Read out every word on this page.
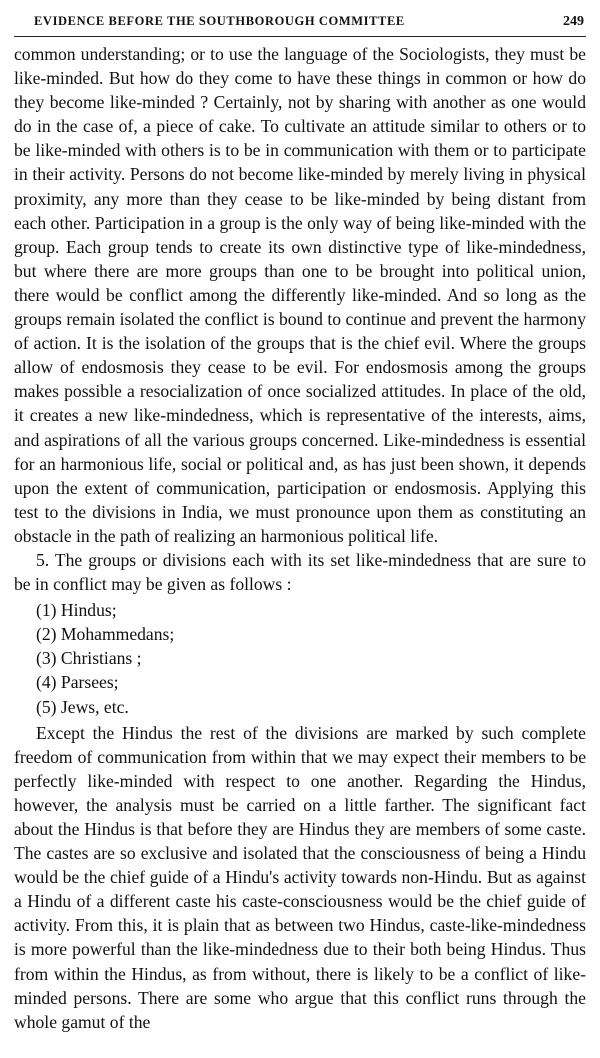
EVIDENCE BEFORE THE SOUTHBOROUGH COMMITTEE	249

common understanding; or to use the language of the Sociologists, they must be like-minded. But how do they come to have these things in common or how do they become like-minded ? Certainly, not by sharing with another as one would do in the case of, a piece of cake. To cultivate an attitude similar to others or to be like-minded with others is to be in communication with them or to participate in their activity. Persons do not become like-minded by merely living in physical proximity, any more than they cease to be like-minded by being distant from each other. Participation in a group is the only way of being like-minded with the group. Each group tends to create its own distinctive type of like-mindedness, but where there are more groups than one to be brought into political union, there would be conflict among the differently like-minded. And so long as the groups remain isolated the conflict is bound to continue and prevent the harmony of action. It is the isolation of the groups that is the chief evil. Where the groups allow of endosmosis they cease to be evil. For endosmosis among the groups makes possible a resocialization of once socialized attitudes. In place of the old, it creates a new like-mindedness, which is representative of the interests, aims, and aspirations of all the various groups concerned. Like-mindedness is essential for an harmonious life, social or political and, as has just been shown, it depends upon the extent of communication, participation or endosmosis. Applying this test to the divisions in India, we must pronounce upon them as constituting an obstacle in the path of realizing an harmonious political life.

5. The groups or divisions each with its set like-mindedness that are sure to be in conflict may be given as follows :

(1) Hindus;
(2) Mohammedans;
(3) Christians ;
(4) Parsees;
(5) Jews, etc.

Except the Hindus the rest of the divisions are marked by such complete freedom of communication from within that we may expect their members to be perfectly like-minded with respect to one another. Regarding the Hindus, however, the analysis must be carried on a little farther. The significant fact about the Hindus is that before they are Hindus they are members of some caste. The castes are so exclusive and isolated that the consciousness of being a Hindu would be the chief guide of a Hindu's activity towards non-Hindu. But as against a Hindu of a different caste his caste-consciousness would be the chief guide of activity. From this, it is plain that as between two Hindus, caste-like-mindedness is more powerful than the like-mindedness due to their both being Hindus. Thus from within the Hindus, as from without, there is likely to be a conflict of like-minded persons. There are some who argue that this conflict runs through the whole gamut of the
